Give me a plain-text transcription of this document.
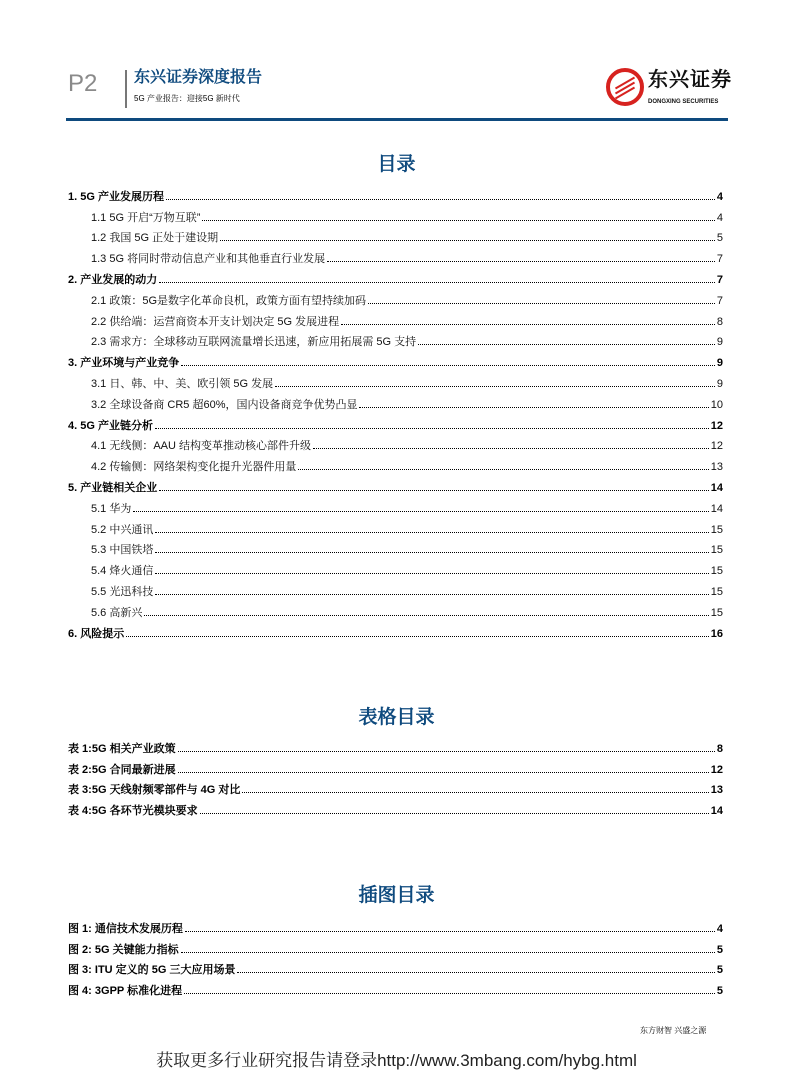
P2 东兴证券深度报告
5G 产业报告：迎接5G 新时代
东兴证券
DONGXING SECURITIES
目录
1. 5G 产业发展历程	4
1.1 5G 开启“万物互联”	4
1.2 我国 5G 正处于建设期	5
1.3 5G 将同时带动信息产业和其他垂直行业发展	7
2. 产业发展的动力	7
2.1 政策：5G是数字化革命良机，政策方面有望持续加码	7
2.2 供给端：运营商资本开支计划决定 5G 发展进程	8
2.3 需求方：全球移动互联网流量增长迅速，新应用拓展需 5G 支持	9
3. 产业环境与产业竞争	9
3.1 日、韩、中、美、欧引领 5G 发展	9
3.2 全球设备商 CR5 超60%，国内设备商竞争优势凸显	10
4. 5G 产业链分析	12
4.1 无线侧：AAU 结构变革推动核心部件升级	12
4.2 传输侧：网络架构变化提升光器件用量	13
5. 产业链相关企业	14
5.1 华为	14
5.2 中兴通讯	15
5.3 中国铁塔	15
5.4 烽火通信	15
5.5 光迅科技	15
5.6 高新兴	15
6. 风险提示	16
表格目录
表 1:5G 相关产业政策	8
表 2:5G 合同最新进展	12
表 3:5G 天线射频零部件与 4G 对比	13
表 4:5G 各环节光模块要求	14
插图目录
图 1: 通信技术发展历程	4
图 2: 5G 关键能力指标	5
图 3: ITU 定义的 5G 三大应用场景	5
图 4: 3GPP 标准化进程	5
东方财智 兴盛之源
获取更多行业研究报告请登录http://www.3mbang.com/hybg.html
